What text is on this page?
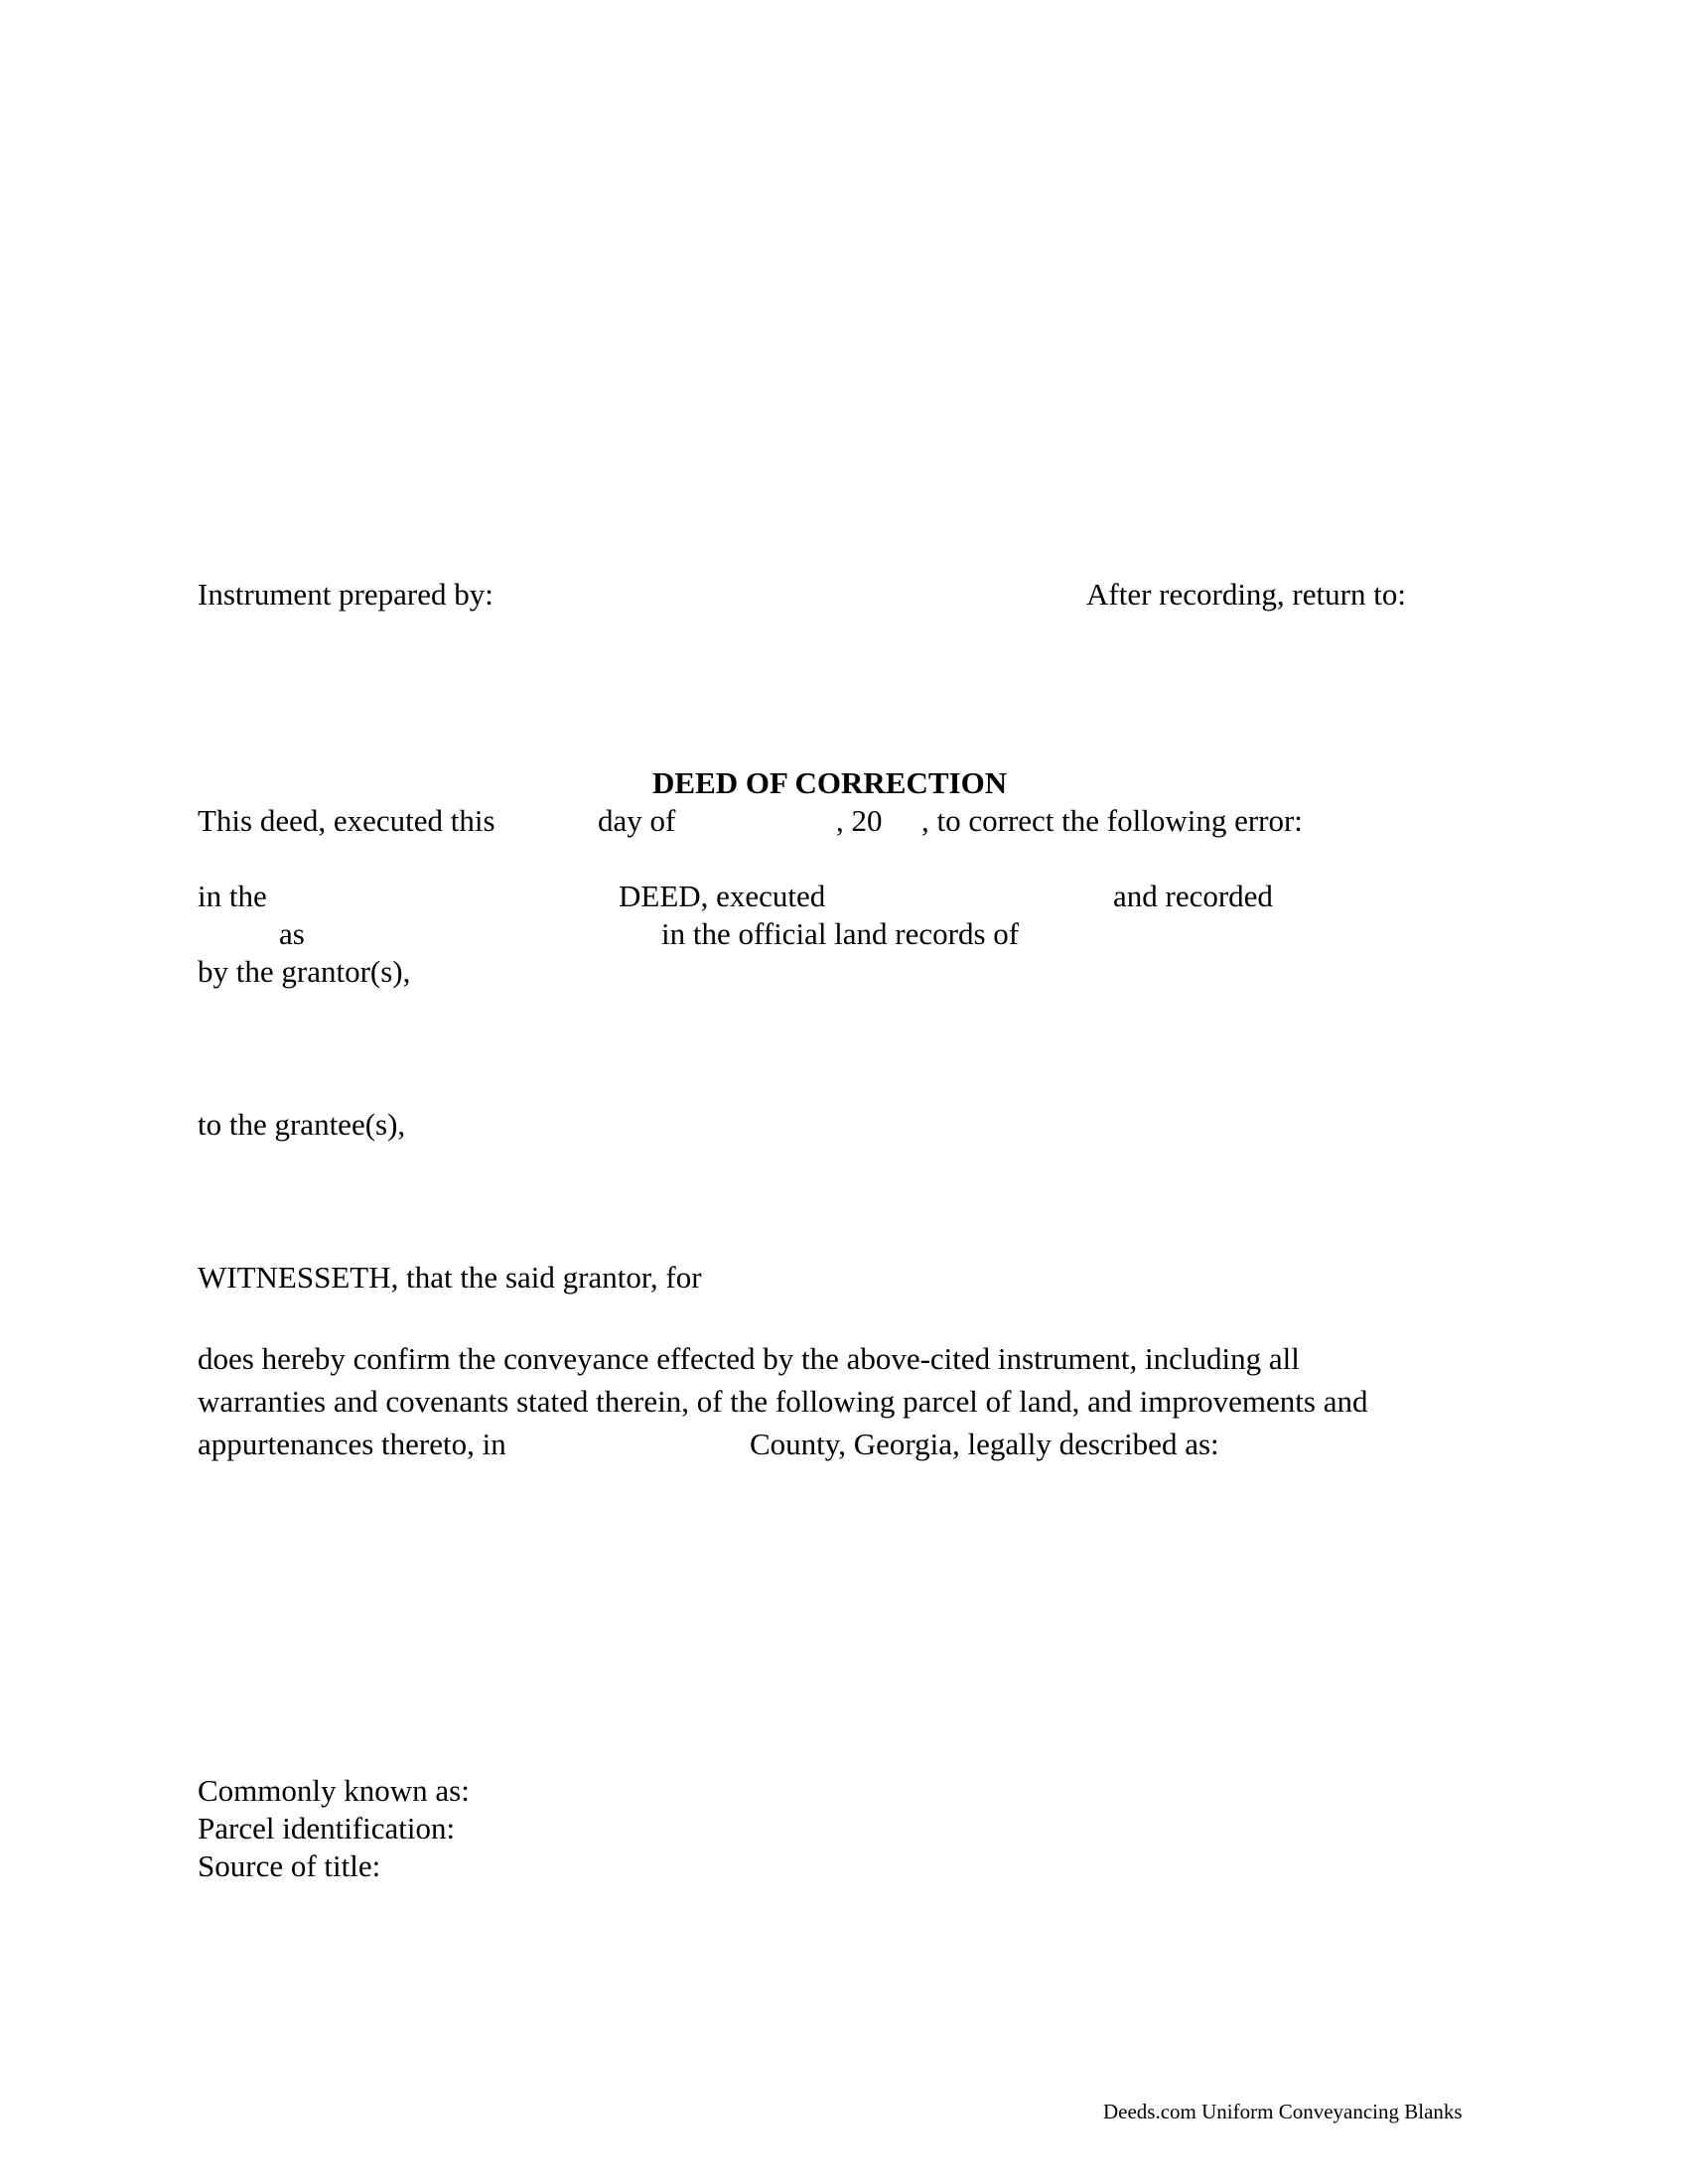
Instrument prepared by:	After recording, return to:
DEED OF CORRECTION
This deed, executed this	day of	, 20 , to correct the following error:
in the	DEED, executed	and recorded
as	in the official land records of
by the grantor(s),
to the grantee(s),
WITNESSETH, that the said grantor, for
does hereby confirm the conveyance effected by the above-cited instrument, including all
warranties and covenants stated therein, of the following parcel of land, and improvements and
appurtenances thereto, in	County, Georgia, legally described as:
Commonly known as:
Parcel identification:
Source of title:
Deeds.com Uniform Conveyancing Blanks
